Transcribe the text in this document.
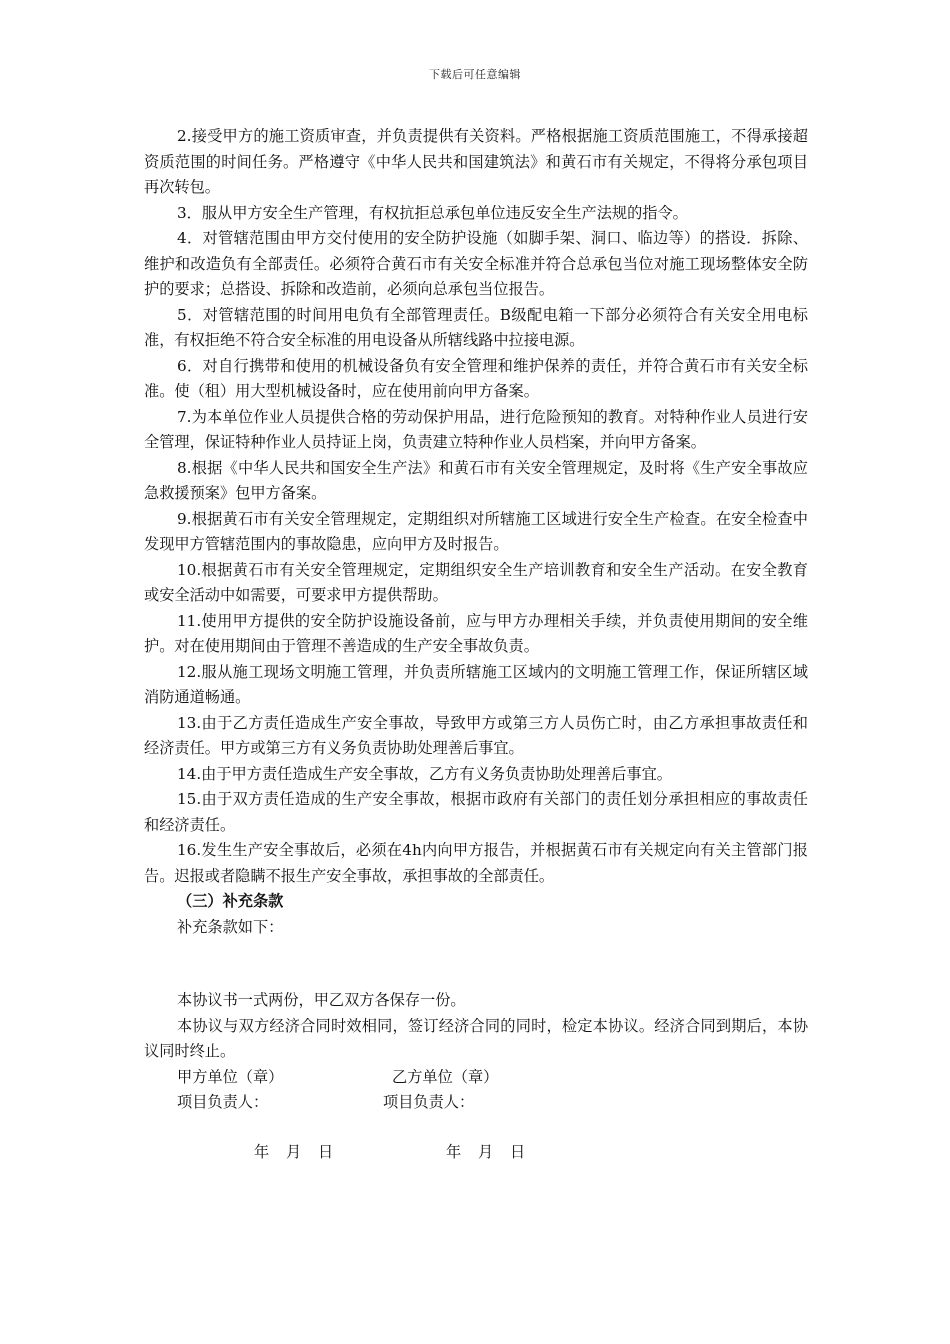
下载后可任意编辑

2.接受甲方的施工资质审查，并负责提供有关资料。严格根据施工资质范围施工，不得承接超资质范围的时间任务。严格遵守《中华人民共和国建筑法》和黄石市有关规定，不得将分承包项目再次转包。

3．服从甲方安全生产管理，有权抗拒总承包单位违反安全生产法规的指令。

4．对管辖范围由甲方交付使用的安全防护设施（如脚手架、洞口、临边等）的搭设．拆除、维护和改造负有全部责任。必须符合黄石市有关安全标准并符合总承包当位对施工现场整体安全防护的要求；总搭设、拆除和改造前，必须向总承包当位报告。

5．对管辖范围的时间用电负有全部管理责任。B级配电箱一下部分必须符合有关安全用电标准，有权拒绝不符合安全标准的用电设备从所辖线路中拉接电源。

6．对自行携带和使用的机械设备负有安全管理和维护保养的责任，并符合黄石市有关安全标准。使（租）用大型机械设备时，应在使用前向甲方备案。

7.为本单位作业人员提供合格的劳动保护用品，进行危险预知的教育。对特种作业人员进行安全管理，保证特种作业人员持证上岗，负责建立特种作业人员档案，并向甲方备案。

8.根据《中华人民共和国安全生产法》和黄石市有关安全管理规定，及时将《生产安全事故应急救援预案》包甲方备案。

9.根据黄石市有关安全管理规定，定期组织对所辖施工区域进行安全生产检查。在安全检查中发现甲方管辖范围内的事故隐患，应向甲方及时报告。

10.根据黄石市有关安全管理规定，定期组织安全生产培训教育和安全生产活动。在安全教育或安全活动中如需要，可要求甲方提供帮助。

11.使用甲方提供的安全防护设施设备前，应与甲方办理相关手续，并负责使用期间的安全维护。对在使用期间由于管理不善造成的生产安全事故负责。

12.服从施工现场文明施工管理，并负责所辖施工区域内的文明施工管理工作，保证所辖区域消防通道畅通。

13.由于乙方责任造成生产安全事故，导致甲方或第三方人员伤亡时，由乙方承担事故责任和经济责任。甲方或第三方有义务负责协助处理善后事宜。

14.由于甲方责任造成生产安全事故，乙方有义务负责协助处理善后事宜。

15.由于双方责任造成的生产安全事故，根据市政府有关部门的责任划分承担相应的事故责任和经济责任。

16.发生生产安全事故后，必须在4h内向甲方报告，并根据黄石市有关规定向有关主管部门报告。迟报或者隐瞒不报生产安全事故，承担事故的全部责任。

（三）补充条款

补充条款如下：

本协议书一式两份，甲乙双方各保存一份。

本协议与双方经济合同时效相同，签订经济合同的同时，检定本协议。经济合同到期后，本协议同时终止。

甲方单位（章）	乙方单位（章）
项目负责人：	项目负责人：
年 月 日	年 月 日
